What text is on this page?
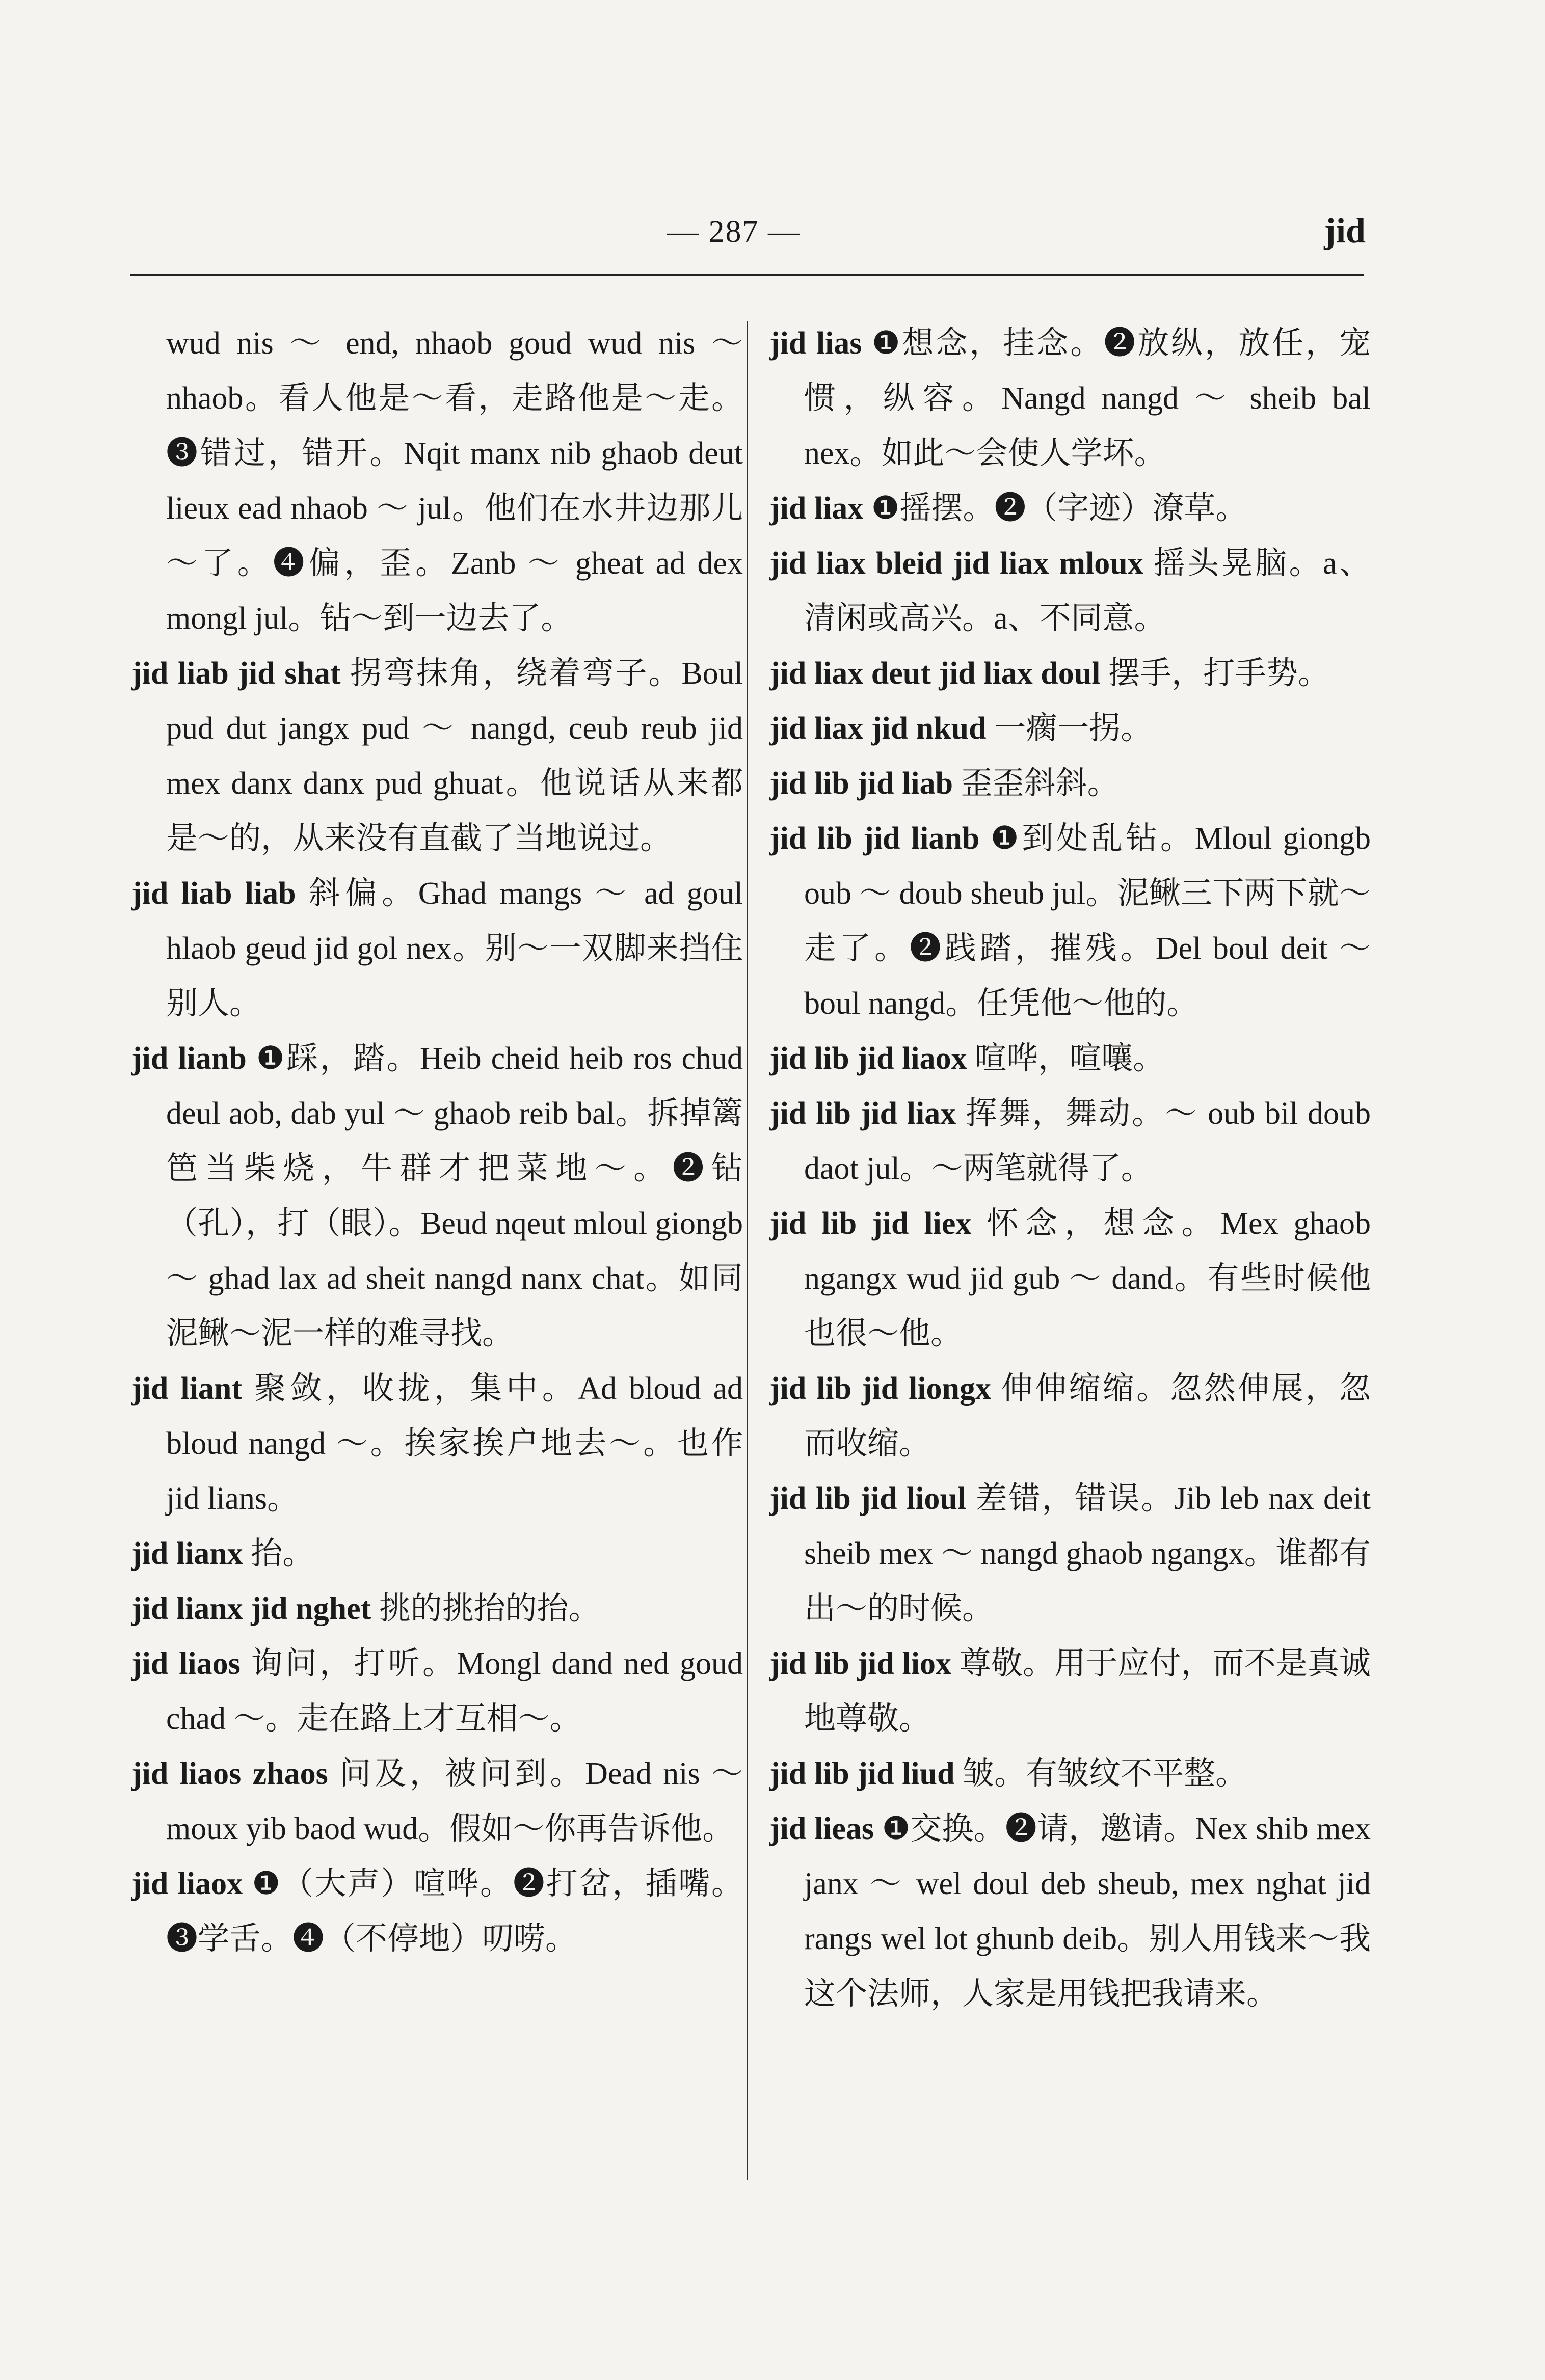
— 287 —	jid

wud nis ～ end, nhaob goud wud nis ～ nhaob。看人他是～看，走路他是～走。❸错过，错开。Nqit manx nib ghaob deut lieux ead nhaob ～ jul。他们在水井边那儿～了。❹偏，歪。Zanb ～ gheat ad dex mongl jul。钻～到一边去了。

jid liab jid shat 拐弯抹角，绕着弯子。Boul pud dut jangx pud ～ nangd, ceub reub jid mex danx danx pud ghuat。他说话从来都是～的，从来没有直截了当地说过。

jid liab liab 斜偏。Ghad mangs ～ ad goul hlaob geud jid gol nex。别～一双脚来挡住别人。

jid lianb ❶踩，踏。Heib cheid heib ros chud deul aob, dab yul ～ ghaob reib bal。拆掉篱笆当柴烧，牛群才把菜地～。❷钻（孔），打（眼）。Beud nqeut mloul giongb ～ ghad lax ad sheit nangd nanx chat。如同泥鳅～泥一样的难寻找。

jid liant 聚敛，收拢，集中。Ad bloud ad bloud nangd ～。挨家挨户地去～。也作 jid lians。

jid lianx 抬。

jid lianx jid nghet 挑的挑抬的抬。

jid liaos 询问，打听。Mongl dand ned goud chad ～。走在路上才互相～。

jid liaos zhaos 问及，被问到。Dead nis ～ moux yib baod wud。假如～你再告诉他。

jid liaox ❶（大声）喧哗。❷打岔，插嘴。❸学舌。❹（不停地）叨唠。

jid lias ❶想念，挂念。❷放纵，放任，宠惯，纵容。Nangd nangd ～ sheib bal nex。如此～会使人学坏。

jid liax ❶摇摆。❷（字迹）潦草。

jid liax bleid jid liax mloux 摇头晃脑。a、清闲或高兴。a、不同意。

jid liax deut jid liax doul 摆手，打手势。

jid liax jid nkud 一瘸一拐。

jid lib jid liab 歪歪斜斜。

jid lib jid lianb ❶到处乱钻。Mloul giongb oub ～ doub sheub jul。泥鳅三下两下就～走了。❷践踏，摧残。Del boul deit ～ boul nangd。任凭他～他的。

jid lib jid liaox 喧哗，喧嚷。

jid lib jid liax 挥舞，舞动。～ oub bil doub daot jul。～两笔就得了。

jid lib jid liex 怀念，想念。Mex ghaob ngangx wud jid gub ～ dand。有些时候他也很～他。

jid lib jid liongx 伸伸缩缩。忽然伸展，忽而收缩。

jid lib jid lioul 差错，错误。Jib leb nax deit sheib mex ～ nangd ghaob ngangx。谁都有出～的时候。

jid lib jid liox 尊敬。用于应付，而不是真诚地尊敬。

jid lib jid liud 皱。有皱纹不平整。

jid lieas ❶交换。❷请，邀请。Nex shib mex janx ～ wel doul deb sheub, mex nghat jid rangs wel lot ghunb deib。别人用钱来～我这个法师，人家是用钱把我请来。
